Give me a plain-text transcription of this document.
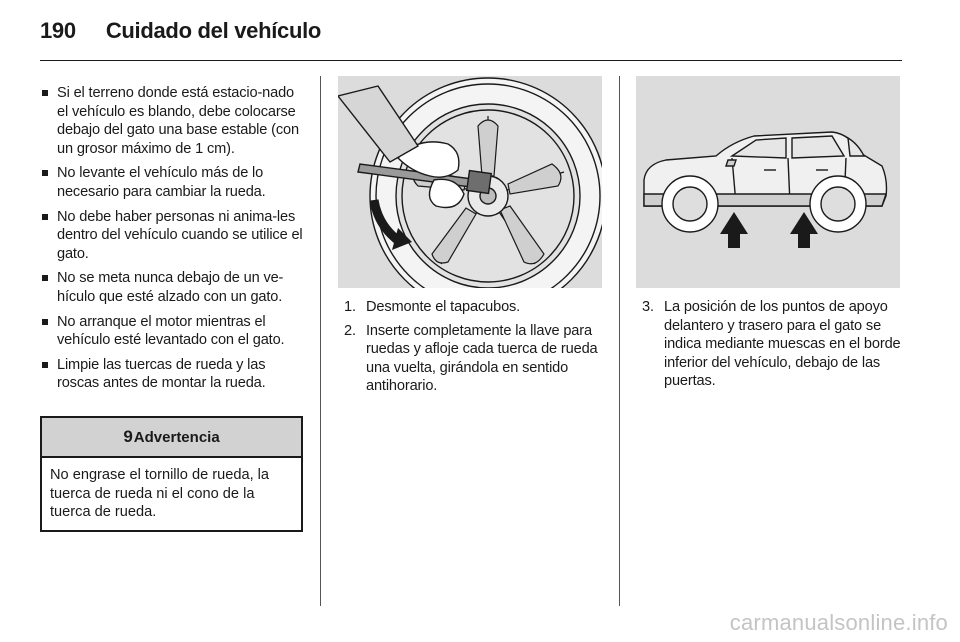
190 Cuidado del vehículo
Si el terreno donde está estacio-nado el vehículo es blando, debe colocarse debajo del gato una base estable (con un grosor máximo de 1 cm).
No levante el vehículo más de lo necesario para cambiar la rueda.
No debe haber personas ni anima-les dentro del vehículo cuando se utilice el gato.
No se meta nunca debajo de un ve-hículo que esté alzado con un gato.
No arranque el motor mientras el vehículo esté levantado con el gato.
Limpie las tuercas de rueda y las roscas antes de montar la rueda.
9 Advertencia
No engrase el tornillo de rueda, la tuerca de rueda ni el cono de la tuerca de rueda.
1. Desmonte el tapacubos.
2. Inserte completamente la llave para ruedas y afloje cada tuerca de rueda una vuelta, girándola en sentido antihorario.
3. La posición de los puntos de apoyo delantero y trasero para el gato se indica mediante muescas en el borde inferior del vehículo, debajo de las puertas.
carmanualsonline.info
